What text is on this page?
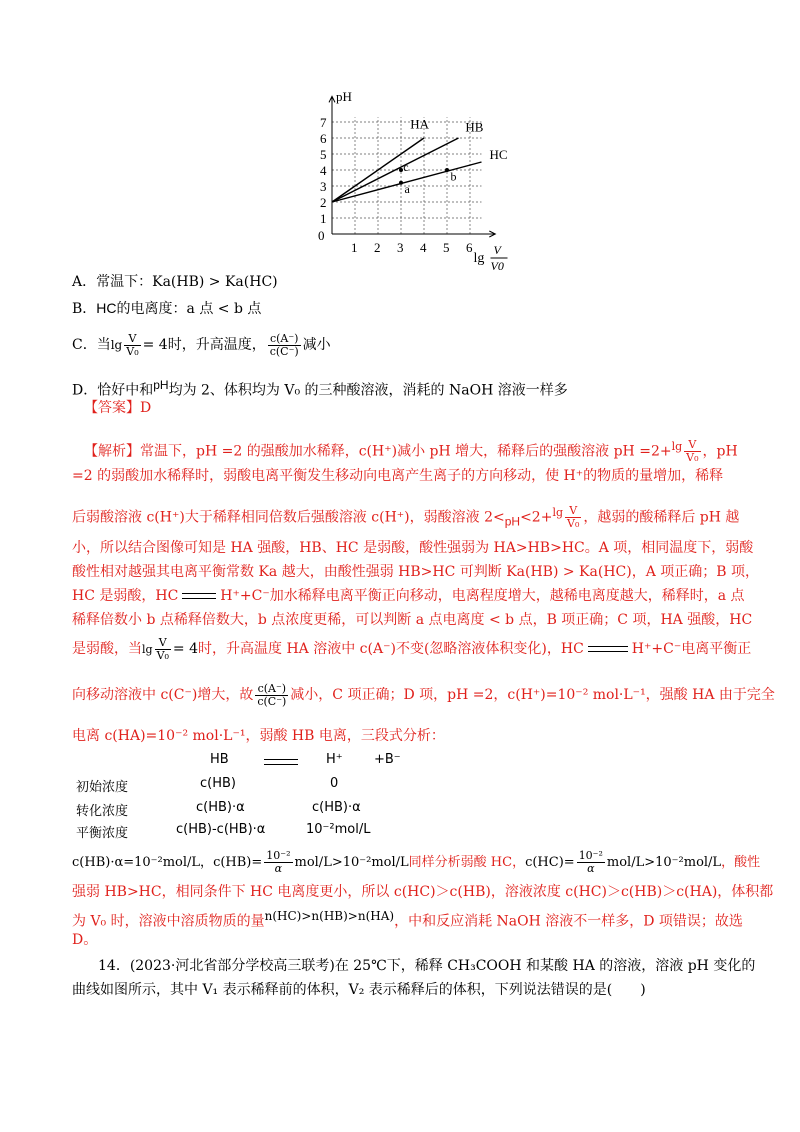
1
2
3
4
5
6
7
1 2 3 4 5 6
0
pH
lg
V
V0
HA	HB
HC
c
a
b
A．常温下：Ka(HB) > Ka(HC)
B．HC的电离度：a 点 < b 点
C．当$\lg \frac{V}{\text{V₀}} = 4$时，升高温度， $\frac{c(A^-)}{c(C^-)}$ 减小
D．恰好中和pH均为 2、体积均为 V₀ 的三种酸溶液，消耗的 NaOH 溶液一样多
【答案】D
【解析】常温下，pH =2 的强酸加水稀释，c(H⁺)减小 pH 增大，稀释后的强酸溶液 pH $=2+^{lg} \frac{V}{\text{V₀}}$ ，pH
=2 的弱酸加水稀释时，弱酸电离平衡发生移动向电离产生离子的方向移动，使 H⁺的物质的量增加，稀释
后弱酸溶液 c(H⁺)大于稀释相同倍数后强酸溶液 c(H⁺)，弱酸溶液 $2<pH<2+^{lg} \frac{V}{\text{V₀}}$ ，越弱的酸稀释后 pH 越
小，所以结合图像可知是 HA 强酸，HB、HC 是弱酸，酸性强弱为 HA>HB>HC。A 项，相同温度下，弱酸
酸性相对越强其电离平衡常数 Ka 越大，由酸性强弱 HB>HC 可判断 Ka(HB) > Ka(HC)，A 项正确；B 项，
HC 是弱酸，HC	H⁺+C⁻加水稀释电离平衡正向移动，电离程度增大，越稀电离度越大，稀释时，a 点
稀释倍数小 b 点稀释倍数大，b 点浓度更稀，可以判断 a 点电离度 < b 点，B 项正确；C 项，HA 强酸，HC
是弱酸，当$\lg \frac{V}{\text{V₀}} = 4$时，升高温度 HA 溶液中 c(A⁻)不变(忽略溶液体积变化)，HC	H⁺+C⁻电离平衡正
向移动溶液中 c(C⁻)增大，故 $\frac{c(A^-)}{c(C^-)}$ 减小，C 项正确；D 项，pH =2，c(H⁺)=10⁻² mol·L⁻¹，强酸 HA 由于完全
电离 c(HA)=10⁻² mol·L⁻¹，弱酸 HB 电离，三段式分析：
HB	H⁺ +B⁻
初始浓度	c(HB)	0
转化浓度	c(HB)·α	c(HB)·α
平衡浓度	c(HB)-c(HB)·α	10⁻²mol/L
c(HB)·α=10⁻²mol/L，$c(HB)= \frac{\text{10⁻²}}{\alpha} mol/L>10^{-2}mol/L$同样分析弱酸 HC，$c(HC)= \frac{\text{10⁻²}}{\alpha} mol/L>10^{-2}mol/L$，酸性
强弱 HB>HC，相同条件下 HC 电离度更小，所以 c(HC)＞c(HB)，溶液浓度 c(HC)＞c(HB)＞c(HA)，体积都
为 V₀ 时，溶液中溶质物质的量n(HC)>n(HB)>n(HA)，中和反应消耗 NaOH 溶液不一样多，D 项错误；故选
D。
14．(2023·河北省部分学校高三联考)在 25℃下，稀释 CH₃COOH 和某酸 HA 的溶液，溶液 pH 变化的
曲线如图所示，其中 V₁ 表示稀释前的体积，V₂ 表示稀释后的体积，下列说法错误的是(　　)
